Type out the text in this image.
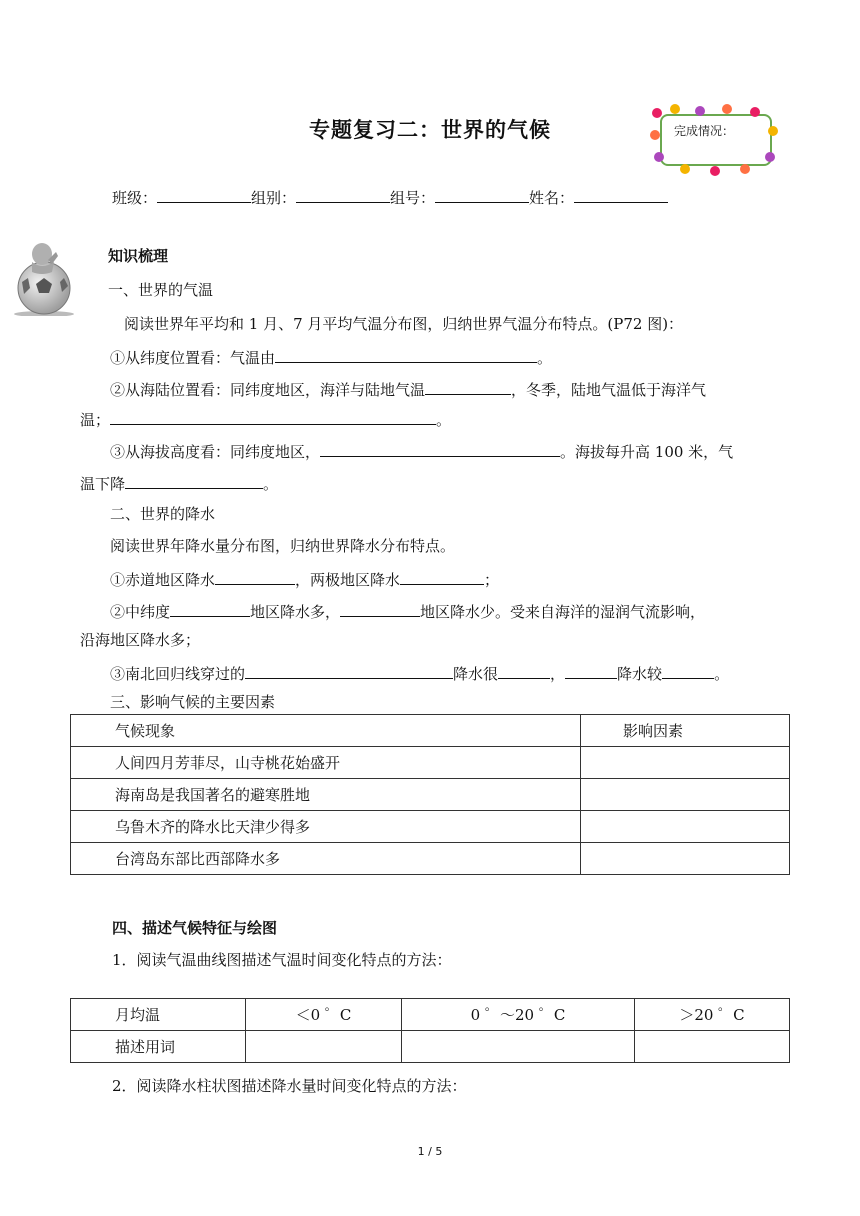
专题复习二：世界的气候	完成情况：
班级：	组别：	组号：	姓名：
知识梳理
一、世界的气温
阅读世界年平均和 1 月、7 月平均气温分布图，归纳世界气温分布特点。(P72 图)：
①从纬度位置看：气温由	。
②从海陆位置看：同纬度地区，海洋与陆地气温	，冬季，陆地气温低于海洋气
温；	。
③从海拔高度看：同纬度地区，	。海拔每升高 100 米，气
温下降	。
二、世界的降水
阅读世界年降水量分布图，归纳世界降水分布特点。
①赤道地区降水	，两极地区降水	；
②中纬度	地区降水多，	地区降水少。受来自海洋的湿润气流影响，
沿海地区降水多；
③南北回归线穿过的	降水很	，	降水较	。
三、影响气候的主要因素
气候现象	影响因素
人间四月芳菲尽，山寺桃花始盛开	
海南岛是我国著名的避寒胜地	
乌鲁木齐的降水比天津少得多	
台湾岛东部比西部降水多	
四、描述气候特征与绘图
1．阅读气温曲线图描述气温时间变化特点的方法：
月均温	＜0 ゜C	0 ゜～20 ゜C	＞20 ゜C
描述用词			
2．阅读降水柱状图描述降水量时间变化特点的方法：
1 / 5
